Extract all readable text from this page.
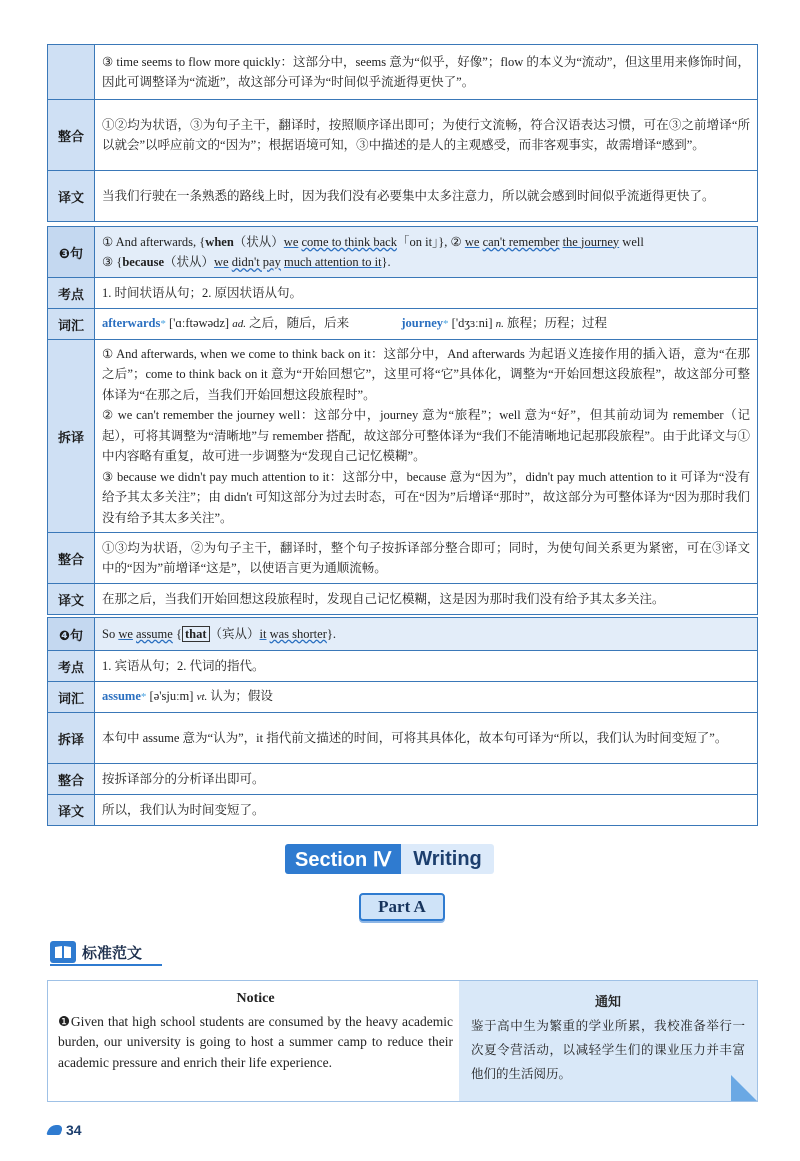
	③ time seems to flow more quickly：这部分中，seems 意为“似乎，好像”；flow 的本义为“流动”，但这里用来修饰时间，因此可调整译为“流逝”，故这部分可译为“时间似乎流逝得更快了”。
整合	①②均为状语，③为句子主干，翻译时，按照顺序译出即可；为使行文流畅，符合汉语表达习惯，可在③之前增译“所以就会”以呼应前文的“因为”；根据语境可知，③中描述的是人的主观感受，而非客观事实，故需增译“感到”。
译文	当我们行驶在一条熟悉的路线上时，因为我们没有必要集中太多注意力，所以就会感到时间似乎流逝得更快了。
❸句	① And afterwards, {when（状从）we come to think back「on it」}, ② we can't remember the journey well
③ {because（状从）we didn't pay much attention to it}.
考点	1. 时间状语从句；2. 原因状语从句。
词汇	afterwards* ['ɑːftəwədz] ad. 之后，随后，后来 journey* ['dʒɜːni] n. 旅程；历程；过程
拆译	① And afterwards, when we come to think back on it：这部分中，And afterwards 为起语义连接作用的插入语，意为“在那之后”；come to think back on it 意为“开始回想它”，这里可将“它”具体化，调整为“开始回想这段旅程”，故这部分可整体译为“在那之后，当我们开始回想这段旅程时”。
② we can't remember the journey well：这部分中，journey 意为“旅程”；well 意为“好”，但其前动词为 remember（记起），可将其调整为“清晰地”与 remember 搭配，故这部分可整体译为“我们不能清晰地记起那段旅程”。由于此译文与①中内容略有重复，故可进一步调整为“发现自己记忆模糊”。
③ because we didn't pay much attention to it：这部分中，because 意为“因为”，didn't pay much attention to it 可译为“没有给予其太多关注”；由 didn't 可知这部分为过去时态，可在“因为”后增译“那时”，故这部分为可整体译为“因为那时我们没有给予其太多关注”。

整合	①③均为状语，②为句子主干，翻译时，整个句子按拆译部分整合即可；同时，为使句间关系更为紧密，可在③译文中的“因为”前增译“这是”，以使语言更为通顺流畅。
译文	在那之后，当我们开始回想这段旅程时，发现自己记忆模糊，这是因为那时我们没有给予其太多关注。
❹句	So we assume { that （宾从）it was shorter}.
考点	1. 宾语从句；2. 代词的指代。
词汇	assume* [ə'sjuːm] vt. 认为；假设
拆译	本句中 assume 意为“认为”，it 指代前文描述的时间，可将其具体化，故本句可译为“所以，我们认为时间变短了”。
整合	按拆译部分的分析译出即可。
译文	所以，我们认为时间变短了。
Section Ⅳ	Writing
Part A
标准范文
Notice
❶Given that high school students are consumed by the heavy academic burden, our university is going to host a summer camp to reduce their academic pressure and enrich their life experience.
通知
鉴于高中生为繁重的学业所累，我校准备举行一次夏令营活动，以减轻学生们的课业压力并丰富他们的生活阅历。
34
